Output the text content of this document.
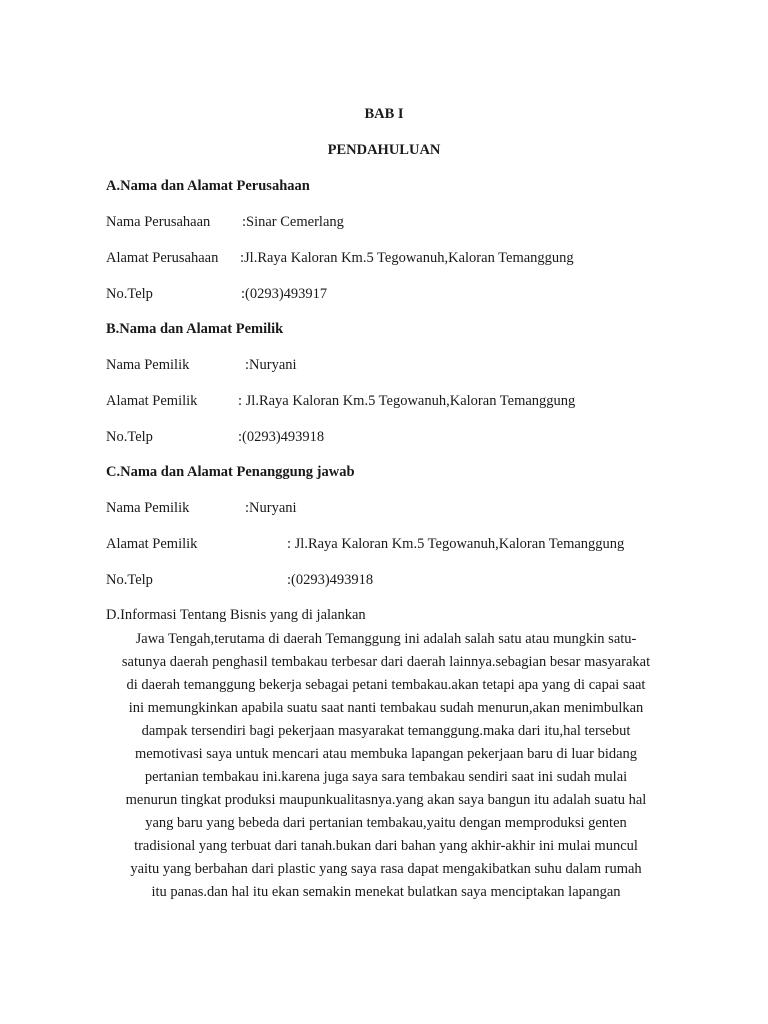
BAB I
PENDAHULUAN
A.Nama dan Alamat Perusahaan
Nama Perusahaan :Sinar Cemerlang
Alamat Perusahaan :Jl.Raya Kaloran Km.5 Tegowanuh,Kaloran Temanggung
No.Telp	:(0293)493917
B.Nama dan Alamat Pemilik
Nama Pemilik	:Nuryani
Alamat Pemilik	: Jl.Raya Kaloran Km.5 Tegowanuh,Kaloran Temanggung
No.Telp	:(0293)493918
C.Nama dan Alamat Penanggung jawab
Nama Pemilik	:Nuryani
Alamat Pemilik	: Jl.Raya Kaloran Km.5 Tegowanuh,Kaloran Temanggung
No.Telp	:(0293)493918
D.Informasi Tentang Bisnis yang di jalankan
Jawa Tengah,terutama di daerah Temanggung ini adalah salah satu atau mungkin satu-
satunya daerah penghasil tembakau terbesar dari daerah lainnya.sebagian besar masyarakat
di daerah temanggung bekerja sebagai petani tembakau.akan tetapi apa yang di capai saat
ini memungkinkan apabila suatu saat nanti tembakau sudah menurun,akan menimbulkan
dampak tersendiri bagi pekerjaan masyarakat temanggung.maka dari itu,hal tersebut
memotivasi saya untuk mencari atau membuka lapangan pekerjaan baru di luar bidang
pertanian tembakau ini.karena juga saya sara tembakau sendiri saat ini sudah mulai
menurun tingkat produksi maupunkualitasnya.yang akan saya bangun itu adalah suatu hal
yang baru yang bebeda dari pertanian tembakau,yaitu dengan memproduksi genten
tradisional yang terbuat dari tanah.bukan dari bahan yang akhir-akhir ini mulai muncul
yaitu yang berbahan dari plastic yang saya rasa dapat mengakibatkan suhu dalam rumah
itu panas.dan hal itu ekan semakin menekat bulatkan saya menciptakan lapangan
